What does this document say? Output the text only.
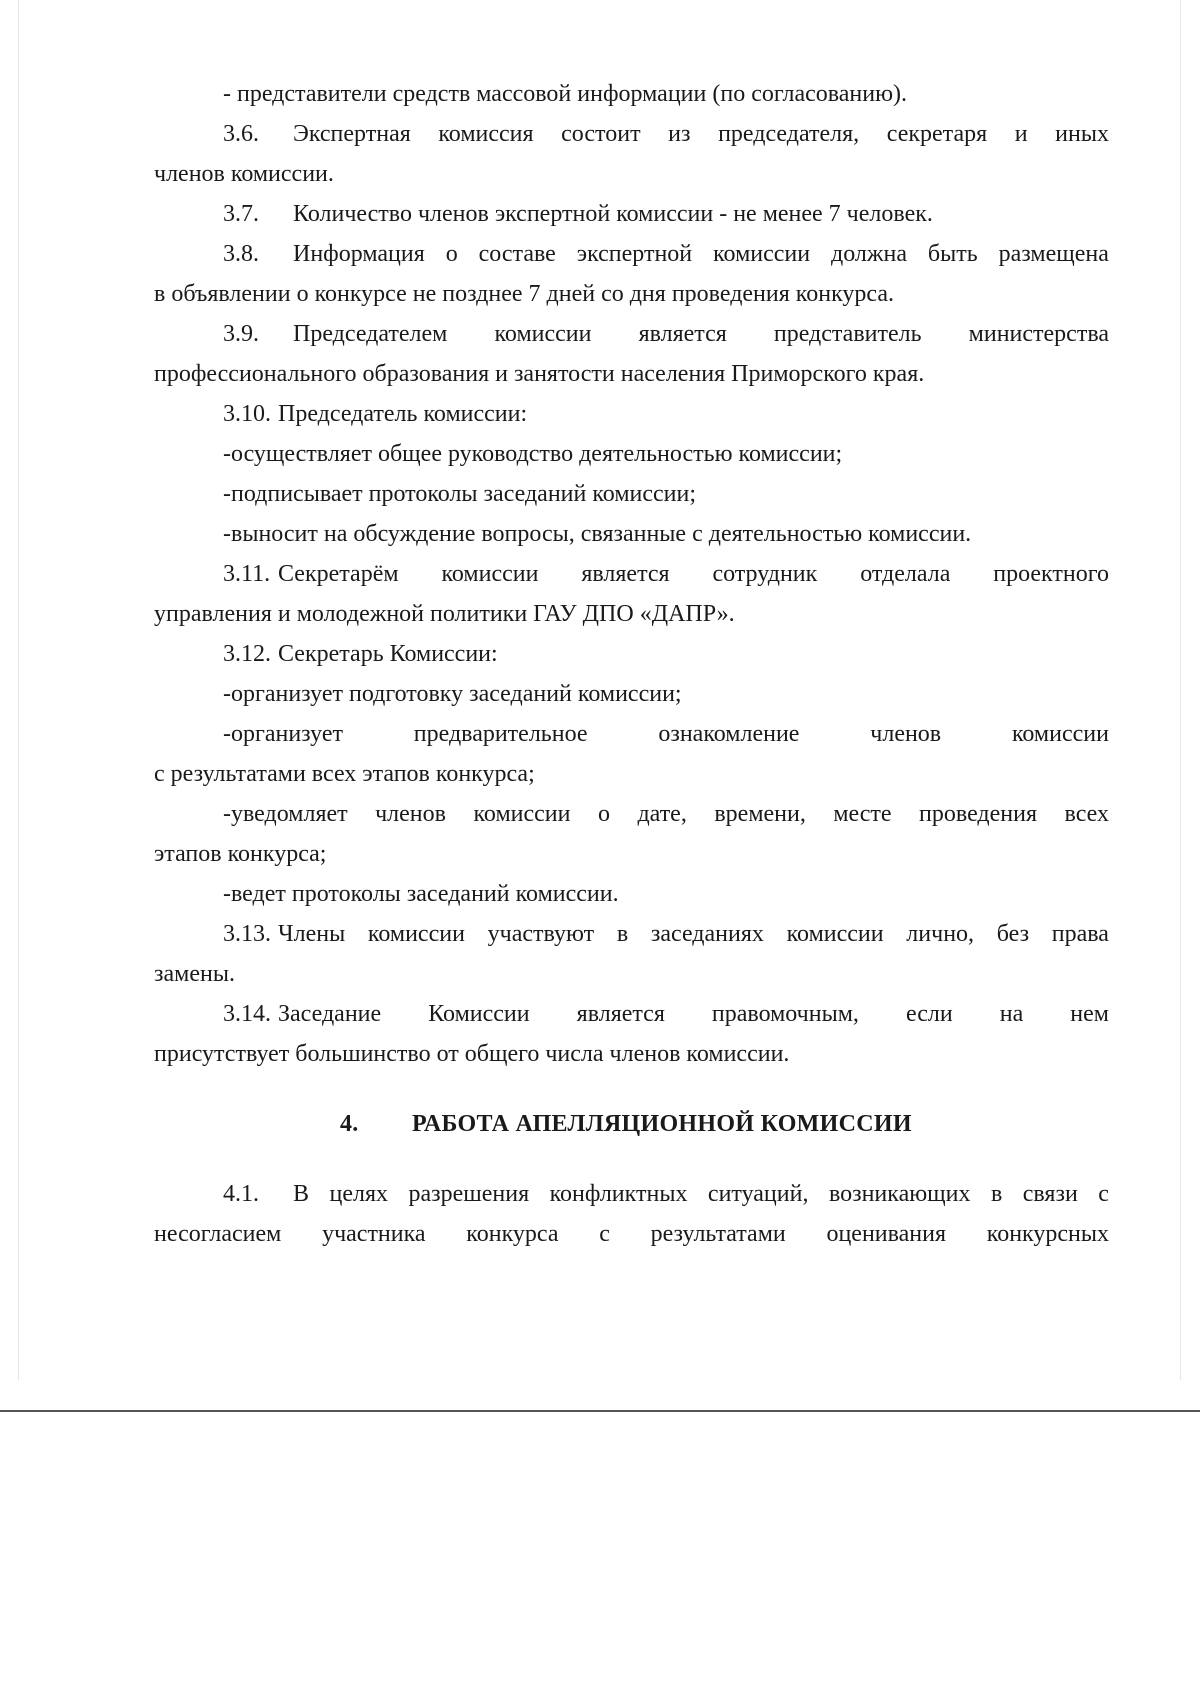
- представители средств массовой информации (по согласованию).
3.6.	Экспертная комиссия состоит из председателя, секретаря и иных
членов комиссии.
3.7. Количество членов экспертной комиссии - не менее 7 человек.
3.8.	Информация о составе экспертной комиссии должна быть размещена
в объявлении о конкурсе не позднее 7 дней со дня проведения конкурса.
3.9.	Председателем комиссии является представитель министерства
профессионального образования и занятости населения Приморского края.
3.10. Председатель комиссии:
-осуществляет общее руководство деятельностью комиссии;
-подписывает протоколы заседаний комиссии;
-выносит на обсуждение вопросы, связанные с деятельностью комиссии.
3.11. Секретарём комиссии является сотрудник отделала проектного
управления и молодежной политики ГАУ ДПО «ДАПР».
3.12. Секретарь Комиссии:
-организует подготовку заседаний комиссии;
-организует	предварительное	ознакомление	членов	комиссии
с результатами всех этапов конкурса;
-уведомляет членов комиссии о дате, времени, месте проведения всех
этапов конкурса;
-ведет протоколы заседаний комиссии.
3.13. Члены комиссии участвуют в заседаниях комиссии лично, без права
замены.
3.14. Заседание Комиссии является правомочным, если на нем
присутствует большинство от общего числа членов комиссии.
4. РАБОТА АПЕЛЛЯЦИОННОЙ КОМИССИИ
4.1.	В целях разрешения конфликтных ситуаций, возникающих в связи с
несогласием участника конкурса с результатами оценивания конкурсных
